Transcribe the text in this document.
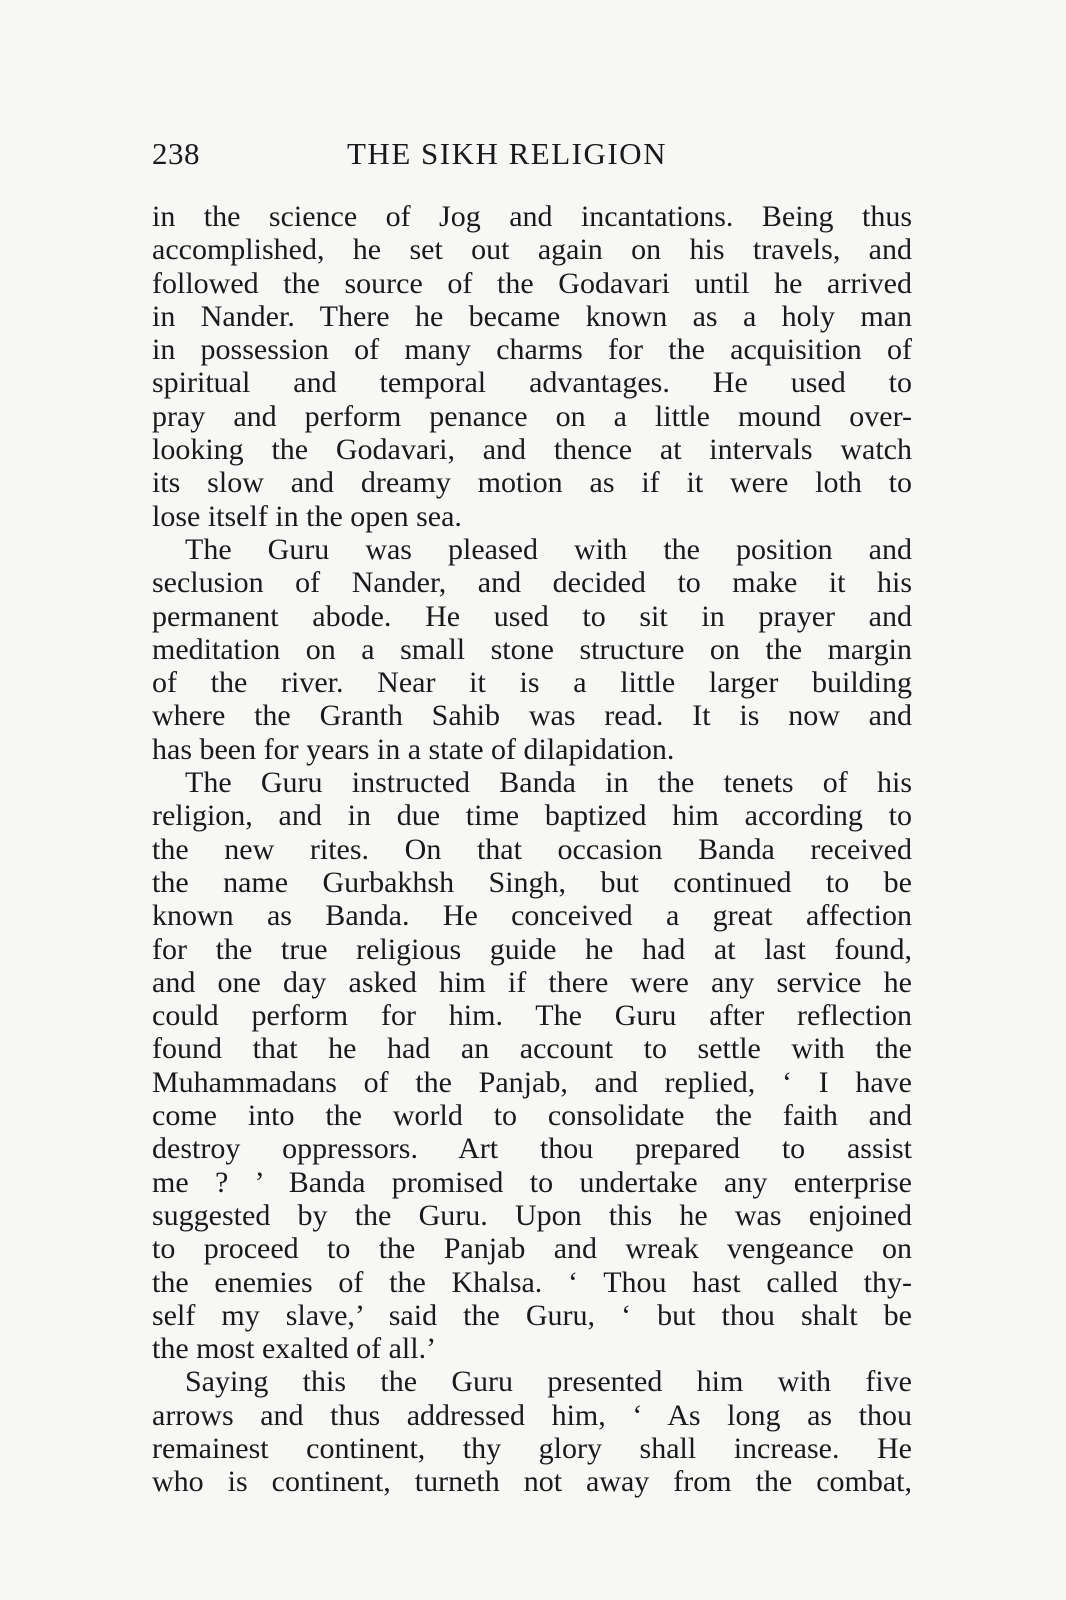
238	THE SIKH RELIGION
in the science of Jog and incantations. Being thus
accomplished, he set out again on his travels, and
followed the source of the Godavari until he arrived
in Nander. There he became known as a holy man
in possession of many charms for the acquisition of
spiritual and temporal advantages. He used to
pray and perform penance on a little mound over-
looking the Godavari, and thence at intervals watch
its slow and dreamy motion as if it were loth to
lose itself in the open sea.
The Guru was pleased with the position and
seclusion of Nander, and decided to make it his
permanent abode. He used to sit in prayer and
meditation on a small stone structure on the margin
of the river. Near it is a little larger building
where the Granth Sahib was read. It is now and
has been for years in a state of dilapidation.
The Guru instructed Banda in the tenets of his
religion, and in due time baptized him according to
the new rites. On that occasion Banda received
the name Gurbakhsh Singh, but continued to be
known as Banda. He conceived a great affection
for the true religious guide he had at last found,
and one day asked him if there were any service he
could perform for him. The Guru after reflection
found that he had an account to settle with the
Muhammadans of the Panjab, and replied, ‘ I have
come into the world to consolidate the faith and
destroy oppressors. Art thou prepared to assist
me ? ’ Banda promised to undertake any enterprise
suggested by the Guru. Upon this he was enjoined
to proceed to the Panjab and wreak vengeance on
the enemies of the Khalsa. ‘ Thou hast called thy-
self my slave,’ said the Guru, ‘ but thou shalt be
the most exalted of all.’
Saying this the Guru presented him with five
arrows and thus addressed him, ‘ As long as thou
remainest continent, thy glory shall increase. He
who is continent, turneth not away from the combat,
